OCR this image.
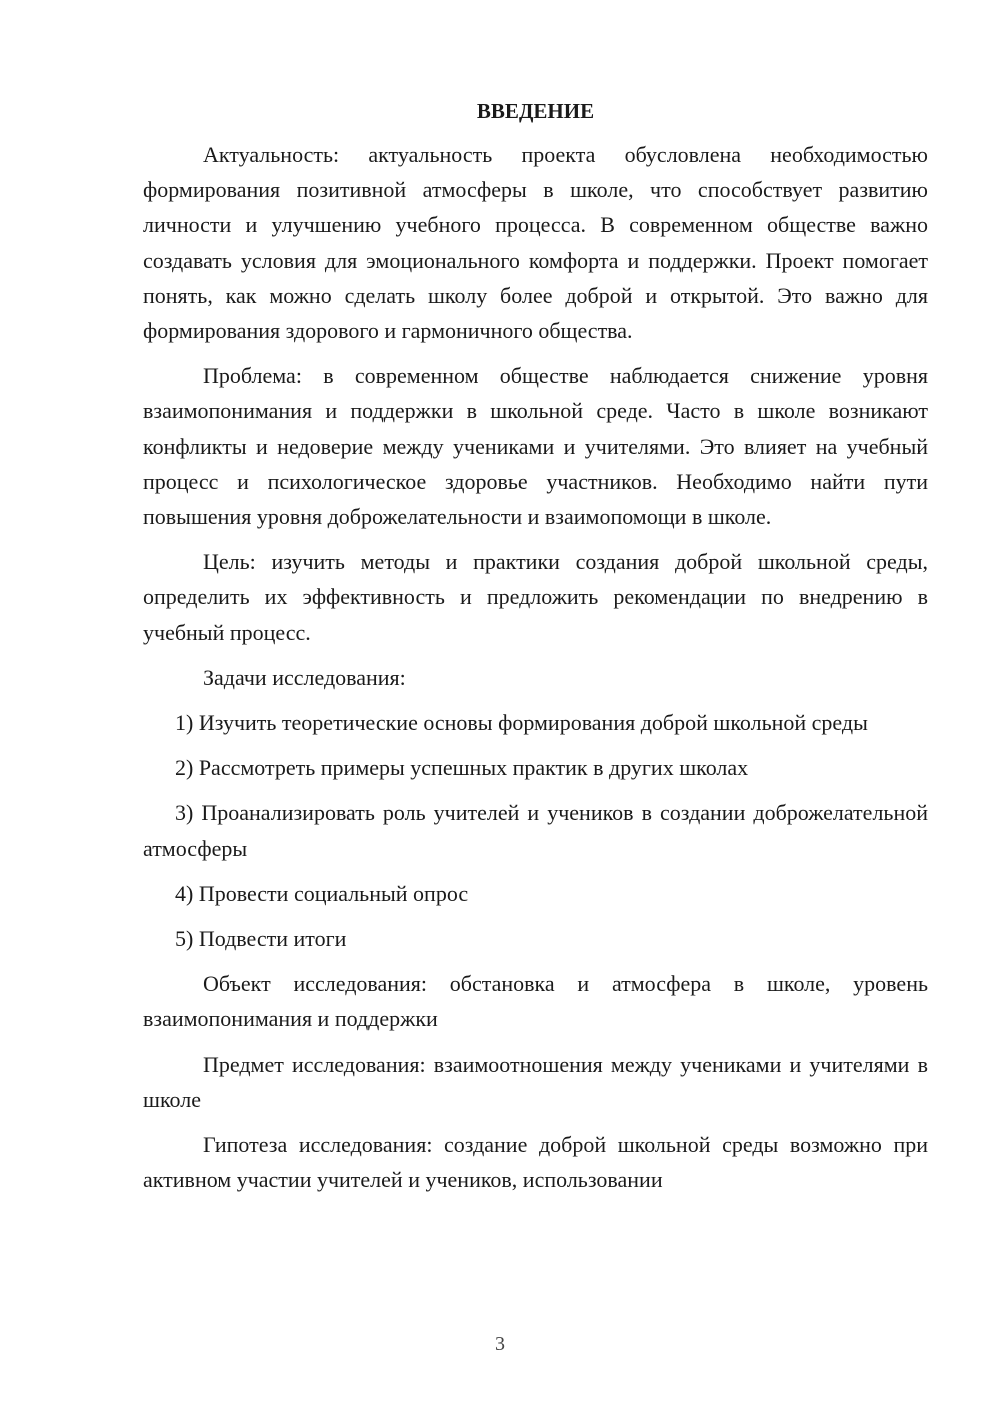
ВВЕДЕНИЕ

Актуальность: актуальность проекта обусловлена необходимостью формирования позитивной атмосферы в школе, что способствует развитию личности и улучшению учебного процесса. В современном обществе важно создавать условия для эмоционального комфорта и поддержки. Проект помогает понять, как можно сделать школу более доброй и открытой. Это важно для формирования здорового и гармоничного общества.

Проблема: в современном обществе наблюдается снижение уровня взаимопонимания и поддержки в школьной среде. Часто в школе возникают конфликты и недоверие между учениками и учителями. Это влияет на учебный процесс и психологическое здоровье участников. Необходимо найти пути повышения уровня доброжелательности и взаимопомощи в школе.

Цель: изучить методы и практики создания доброй школьной среды, определить их эффективность и предложить рекомендации по внедрению в учебный процесс.

Задачи исследования:

1) Изучить теоретические основы формирования доброй школьной среды

2) Рассмотреть примеры успешных практик в других школах

3) Проанализировать роль учителей и учеников в создании доброжелательной атмосферы

4) Провести социальный опрос

5) Подвести итоги

Объект исследования: обстановка и атмосфера в школе, уровень взаимопонимания и поддержки

Предмет исследования: взаимоотношения между учениками и учителями в школе

Гипотеза исследования: создание доброй школьной среды возможно при активном участии учителей и учеников, использовании

3
